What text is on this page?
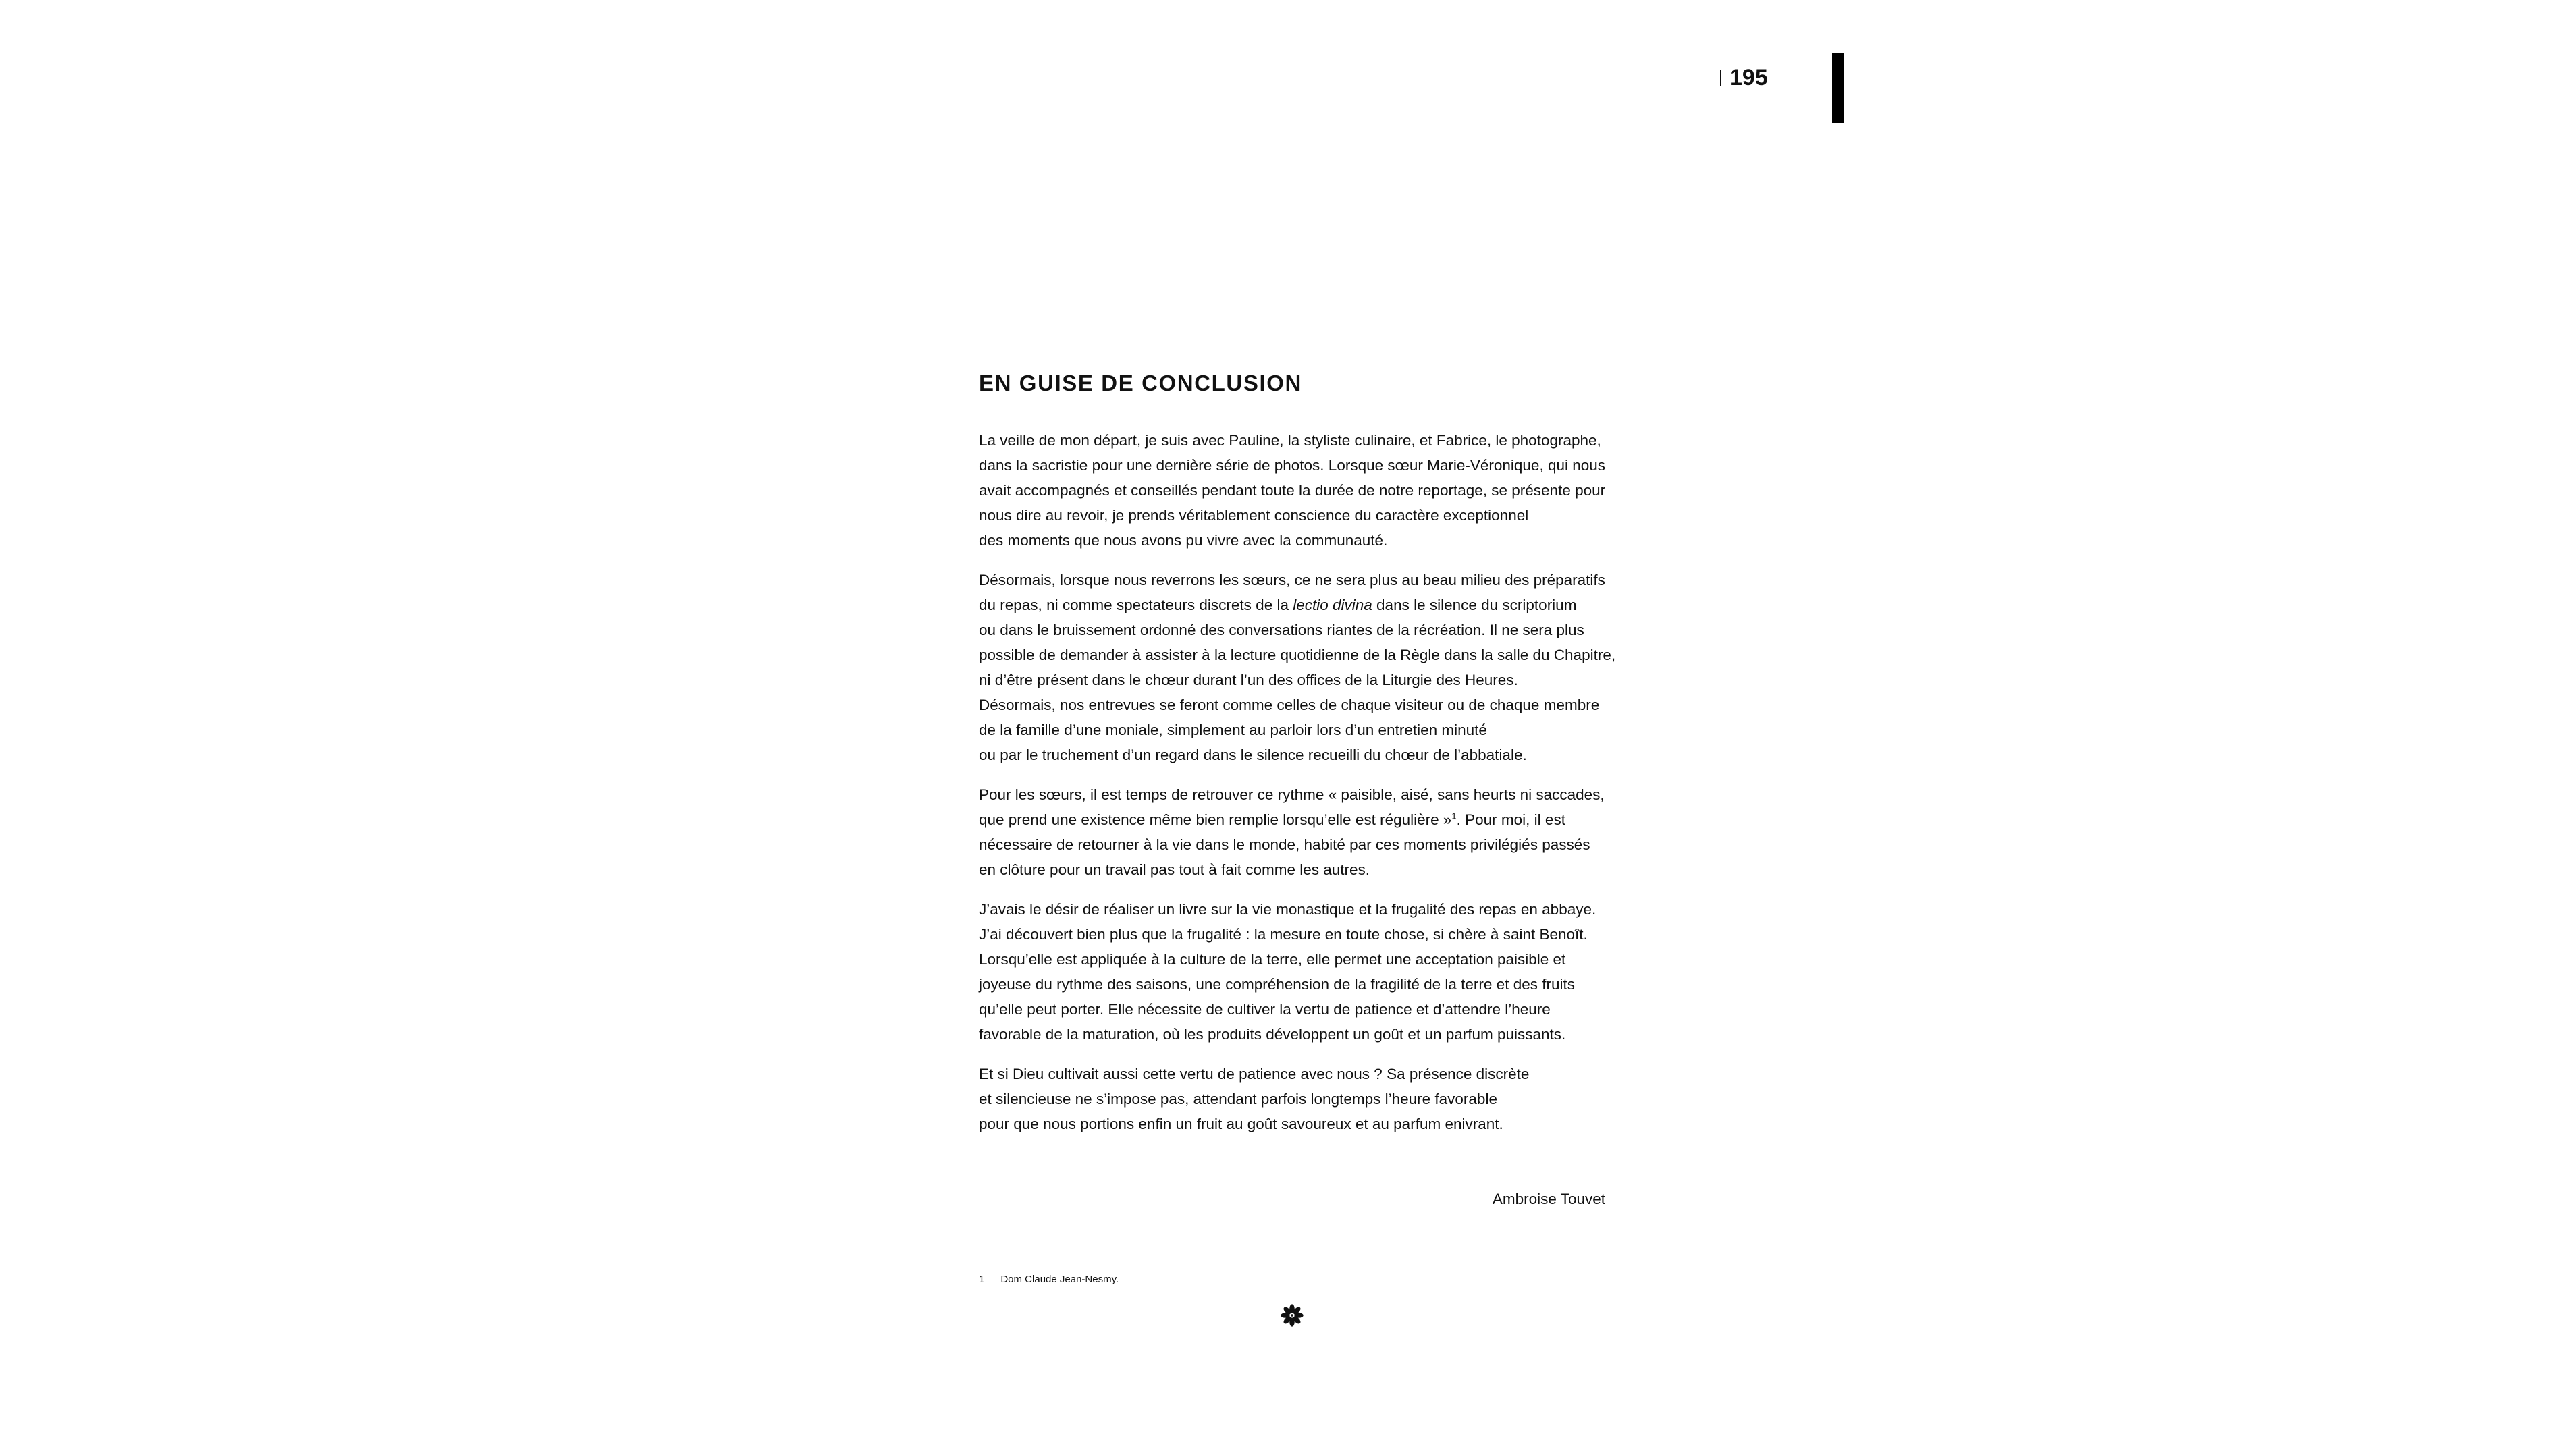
195
EN GUISE DE CONCLUSION
La veille de mon départ, je suis avec Pauline, la styliste culinaire, et Fabrice, le photographe,
dans la sacristie pour une dernière série de photos. Lorsque sœur Marie-Véronique, qui nous
avait accompagnés et conseillés pendant toute la durée de notre reportage, se présente pour
nous dire au revoir, je prends véritablement conscience du caractère exceptionnel
des moments que nous avons pu vivre avec la communauté.
Désormais, lorsque nous reverrons les sœurs, ce ne sera plus au beau milieu des préparatifs
du repas, ni comme spectateurs discrets de la lectio divina dans le silence du scriptorium
ou dans le bruissement ordonné des conversations riantes de la récréation. Il ne sera plus
possible de demander à assister à la lecture quotidienne de la Règle dans la salle du Chapitre,
ni d’être présent dans le chœur durant l’un des offices de la Liturgie des Heures.
Désormais, nos entrevues se feront comme celles de chaque visiteur ou de chaque membre
de la famille d’une moniale, simplement au parloir lors d’un entretien minuté
ou par le truchement d’un regard dans le silence recueilli du chœur de l’abbatiale.
Pour les sœurs, il est temps de retrouver ce rythme « paisible, aisé, sans heurts ni saccades,
que prend une existence même bien remplie lorsqu’elle est régulière »$^1$. Pour moi, il est
nécessaire de retourner à la vie dans le monde, habité par ces moments privilégiés passés
en clôture pour un travail pas tout à fait comme les autres.
J’avais le désir de réaliser un livre sur la vie monastique et la frugalité des repas en abbaye.
J’ai découvert bien plus que la frugalité : la mesure en toute chose, si chère à saint Benoît.
Lorsqu’elle est appliquée à la culture de la terre, elle permet une acceptation paisible et
joyeuse du rythme des saisons, une compréhension de la fragilité de la terre et des fruits
qu’elle peut porter. Elle nécessite de cultiver la vertu de patience et d’attendre l’heure
favorable de la maturation, où les produits développent un goût et un parfum puissants.
Et si Dieu cultivait aussi cette vertu de patience avec nous ? Sa présence discrète
et silencieuse ne s’impose pas, attendant parfois longtemps l’heure favorable
pour que nous portions enfin un fruit au goût savoureux et au parfum enivrant.
Ambroise Touvet
1 Dom Claude Jean-Nesmy.
